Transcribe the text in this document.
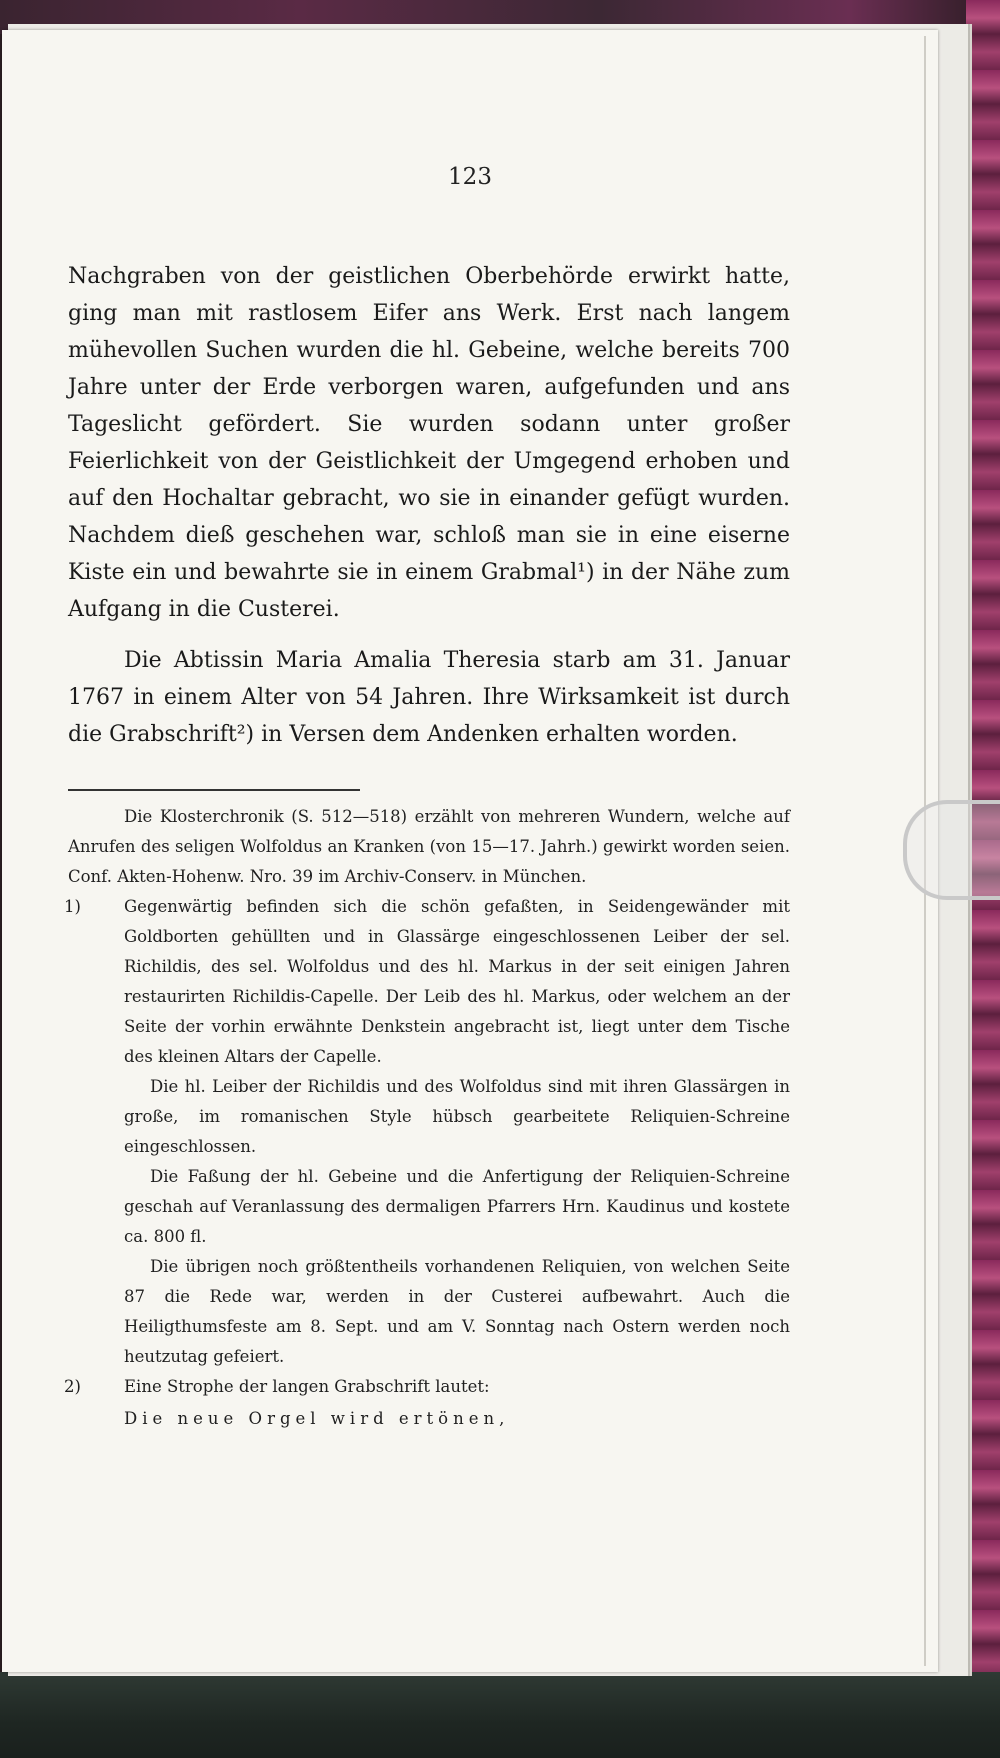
123

Nachgraben von der geistlichen Oberbehörde erwirkt hatte, ging man mit rastlosem Eifer ans Werk. Erst nach langem mühevollen Suchen wurden die hl. Gebeine, welche bereits 700 Jahre unter der Erde verborgen waren, aufgefunden und ans Tageslicht gefördert. Sie wurden sodann unter großer Feierlichkeit von der Geistlichkeit der Umgegend erhoben und auf den Hochaltar gebracht, wo sie in einander gefügt wurden. Nachdem dieß geschehen war, schloß man sie in eine eiserne Kiste ein und bewahrte sie in einem Grabmal¹) in der Nähe zum Aufgang in die Custerei.

Die Abtissin Maria Amalia Theresia starb am 31. Januar 1767 in einem Alter von 54 Jahren. Ihre Wirksamkeit ist durch die Grabschrift²) in Versen dem Andenken erhalten worden.

Die Klosterchronik (S. 512—518) erzählt von mehreren Wundern, welche auf Anrufen des seligen Wolfoldus an Kranken (von 15—17. Jahrh.) gewirkt worden seien. Conf. Akten-Hohenw. Nro. 39 im Archiv-Conserv. in München.

1)	Gegenwärtig befinden sich die schön gefaßten, in Seidengewänder mit Goldborten gehüllten und in Glassärge eingeschlossenen Leiber der sel. Richildis, des sel. Wolfoldus und des hl. Markus in der seit einigen Jahren restaurirten Richildis-Capelle. Der Leib des hl. Markus, oder welchem an der Seite der vorhin erwähnte Denkstein angebracht ist, liegt unter dem Tische des kleinen Altars der Capelle.

Die hl. Leiber der Richildis und des Wolfoldus sind mit ihren Glassärgen in große, im romanischen Style hübsch gearbeitete Reliquien-Schreine eingeschlossen.

Die Faßung der hl. Gebeine und die Anfertigung der Reliquien-Schreine geschah auf Veranlassung des dermaligen Pfarrers Hrn. Kaudinus und kostete ca. 800 fl.

Die übrigen noch größtentheils vorhandenen Reliquien, von welchen Seite 87 die Rede war, werden in der Custerei aufbewahrt. Auch die Heiligthumsfeste am 8. Sept. und am V. Sonntag nach Ostern werden noch heutzutag gefeiert.

2)	Eine Strophe der langen Grabschrift lautet:

Die neue Orgel wird ertönen,
